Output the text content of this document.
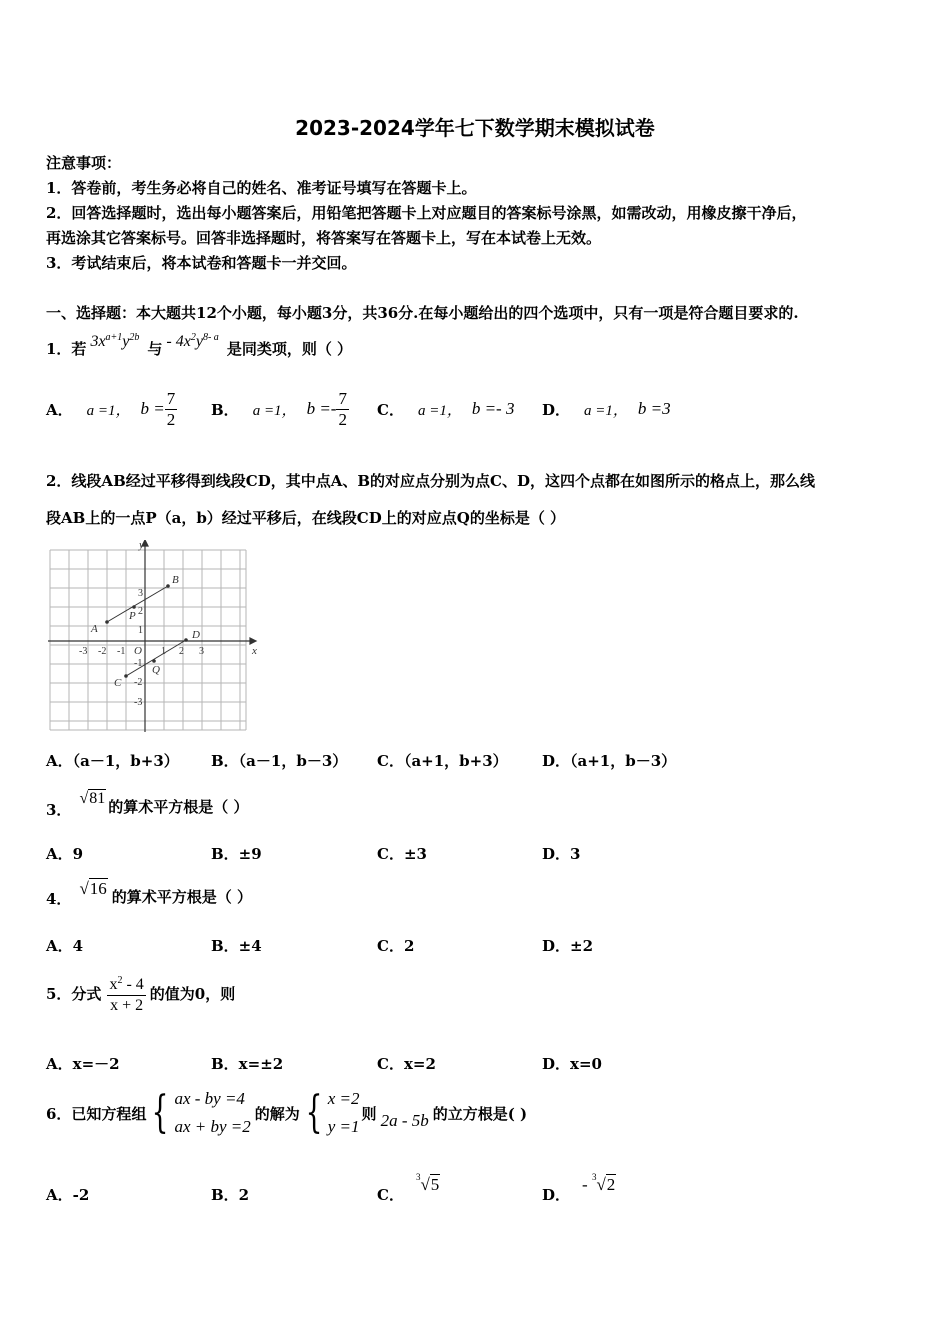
2023-2024学年七下数学期末模拟试卷
注意事项：
1．答卷前，考生务必将自己的姓名、准考证号填写在答题卡上。
2．回答选择题时，选出每小题答案后，用铅笔把答题卡上对应题目的答案标号涂黑，如需改动，用橡皮擦干净后，
再选涂其它答案标号。回答非选择题时，将答案写在答题卡上，写在本试卷上无效。
3．考试结束后，将本试卷和答题卡一并交回。
一、选择题：本大题共12个小题，每小题3分，共36分.在每小题给出的四个选项中，只有一项是符合题目要求的.
1．若 $3x^{a+1}y^{2b}$
与 - $4x^2y^{8- a}$
是同类项，则（ ）
A． a =1， $b = \frac{7}{2}$ B． a =1， $b =- \frac{7}{2}$ C． a =1， b =- 3 D． a =1， b =3
2．线段AB经过平移得到线段CD，其中点A、B的对应点分别为点C、D，这四个点都在如图所示的格点上，那么线
段AB上的一点P（a，b）经过平移后，在线段CD上的对应点Q的坐标是（ ）
x
y
O
-3 -2 -1	1 2 3
3
2
1
-1
-2
-3
A
B
C
D
P
Q
A．（a－1，b+3） B．（a－1，b－3） C．（a+1，b+3） D．（a+1，b－3）
3．
√81 的算术平方根是（ ）
A．9	B．±9	C．±3	D．3
4．
√16 的算术平方根是（ ）
A．4	B．±4	C．2	D．±2
5．分式 $\frac{x^2 - 4}{x + 2}$ 的值为0，则
A．x=－2	B．x=±2	C．x=2	D．x=0
6．已知方程组 { ax - by =4
ax + by =2
的解为 { x =2
y =1
则 2a - 5b 的立方根是( )
A．-2	B．2	C．
$^3$√5
D．
- $^3$√2
